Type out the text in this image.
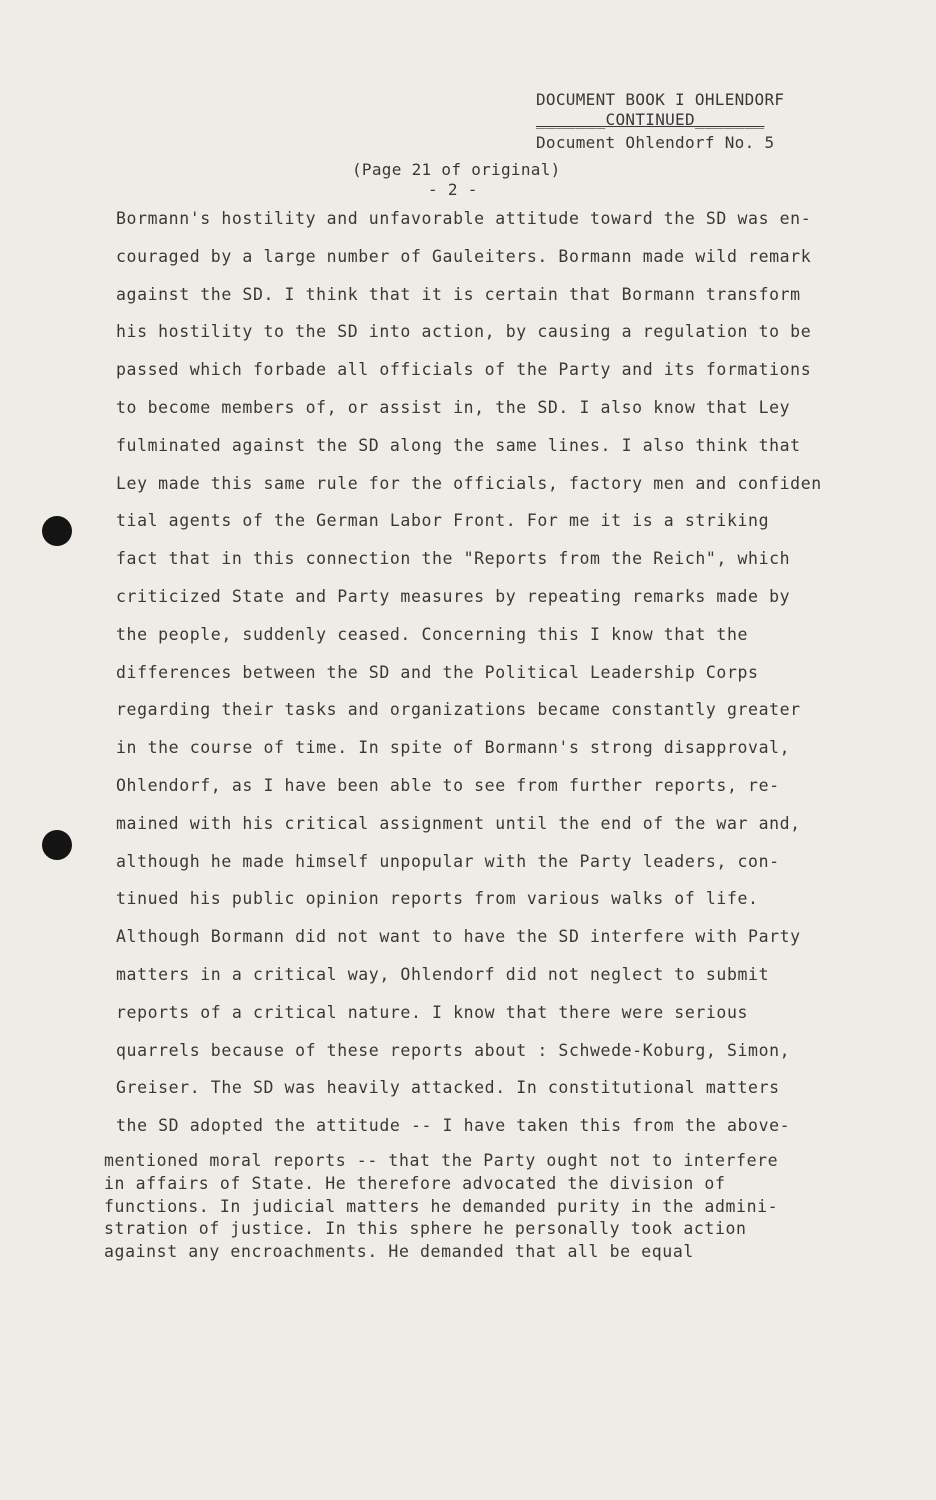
DOCUMENT BOOK I OHLENDORF
_______CONTINUED_______
Document Ohlendorf No. 5
(Page 21 of original)
- 2 -
Bormann's hostility and unfavorable attitude toward the SD was en-
couraged by a large number of Gauleiters. Bormann made wild remark
against the SD. I think that it is certain that Bormann transform
his hostility to the SD into action, by causing a regulation to be
passed which forbade all officials of the Party and its formations
to become members of, or assist in, the SD. I also know that Ley
fulminated against the SD along the same lines. I also think that
Ley made this same rule for the officials, factory men and confiden
tial agents of the German Labor Front. For me it is a striking
fact that in this connection the "Reports from the Reich", which
criticized State and Party measures by repeating remarks made by
the people, suddenly ceased. Concerning this I know that the
differences between the SD and the Political Leadership Corps
regarding their tasks and organizations became constantly greater
in the course of time. In spite of Bormann's strong disapproval,
Ohlendorf, as I have been able to see from further reports, re-
mained with his critical assignment until the end of the war and,
although he made himself unpopular with the Party leaders, con-
tinued his public opinion reports from various walks of life.
Although Bormann did not want to have the SD interfere with Party
matters in a critical way, Ohlendorf did not neglect to submit
reports of a critical nature. I know that there were serious
quarrels because of these reports about : Schwede-Koburg, Simon,
Greiser. The SD was heavily attacked. In constitutional matters
the SD adopted the attitude -- I have taken this from the above-
mentioned moral reports -- that the Party ought not to interfere
in affairs of State. He therefore advocated the division of
functions. In judicial matters he demanded purity in the admini-
stration of justice. In this sphere he personally took action
against any encroachments. He demanded that all be equal
